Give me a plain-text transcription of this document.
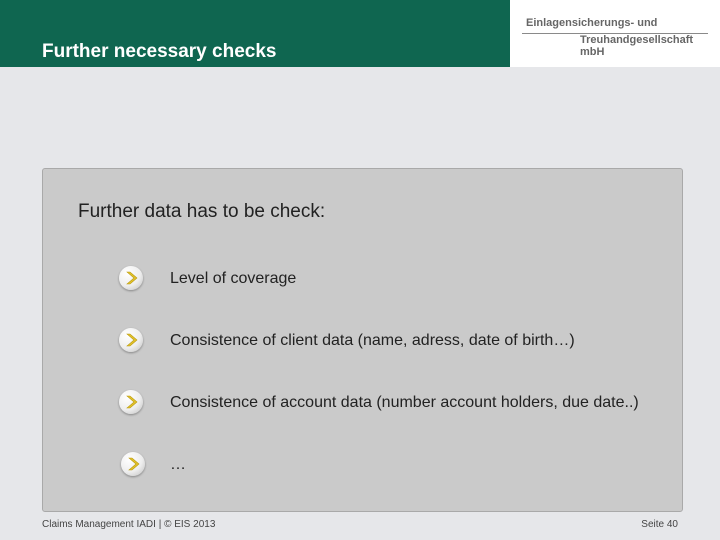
Further necessary checks
Einlagensicherungs- und
Treuhandgesellschaft mbH
Further data has to be check:
Level of coverage
Consistence of client data (name, adress, date of birth…)
Consistence of account data (number account holders, due date..)
…
Claims Management IADI | © EIS 2013	Seite 40
